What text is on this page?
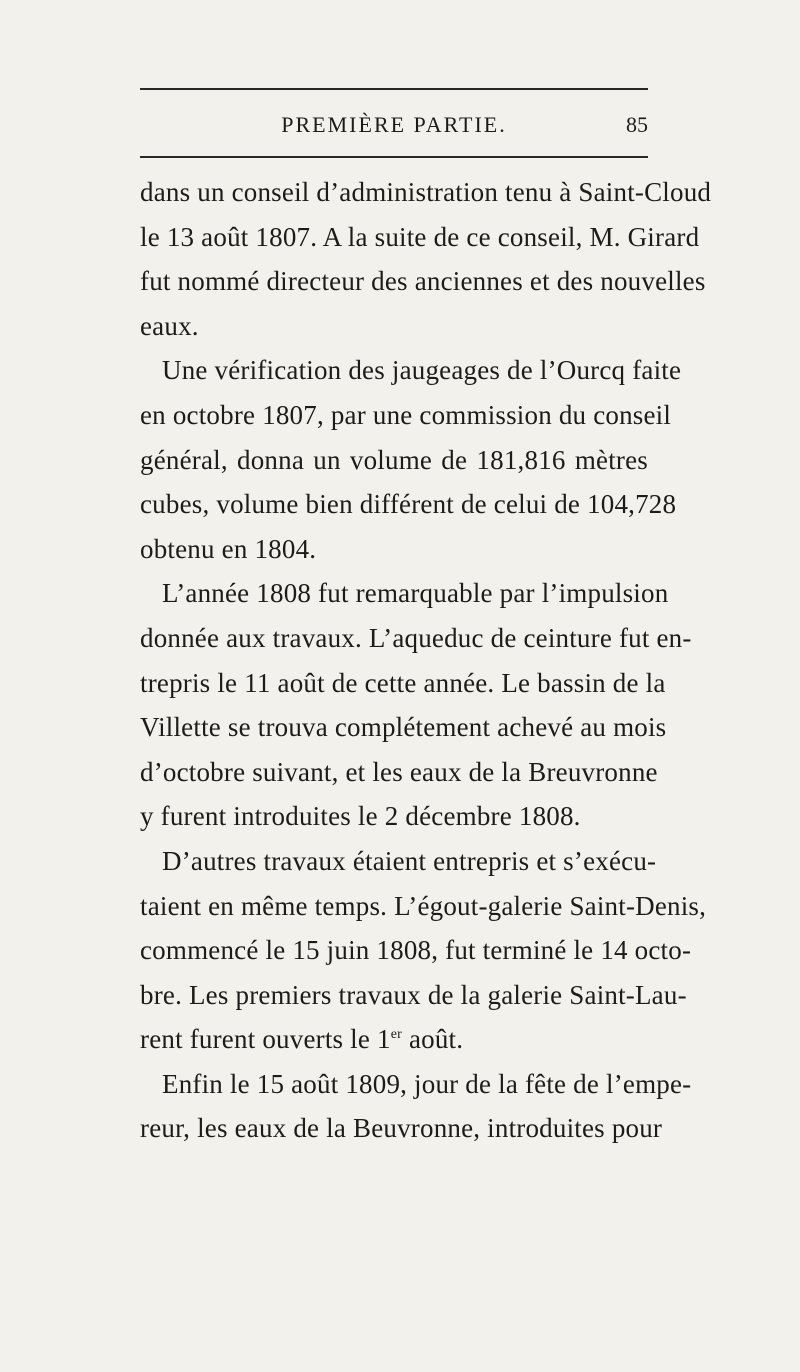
PREMIÈRE PARTIE.	85
dans un conseil d’administration tenu à Saint-Cloud
le 13 août 1807. A la suite de ce conseil, M. Girard
fut nommé directeur des anciennes et des nouvelles
eaux.
Une vérification des jaugeages de l’Ourcq faite
en octobre 1807, par une commission du conseil
général, donna un volume de 181,816 mètres
cubes, volume bien différent de celui de 104,728
obtenu en 1804.
L’année 1808 fut remarquable par l’impulsion
donnée aux travaux. L’aqueduc de ceinture fut en-
trepris le 11 août de cette année. Le bassin de la
Villette se trouva complétement achevé au mois
d’octobre suivant, et les eaux de la Breuvronne
y furent introduites le 2 décembre 1808.
D’autres travaux étaient entrepris et s’exécu-
taient en même temps. L’égout-galerie Saint-Denis,
commencé le 15 juin 1808, fut terminé le 14 octo-
bre. Les premiers travaux de la galerie Saint-Lau-
rent furent ouverts le 1er août.
Enfin le 15 août 1809, jour de la fête de l’empe-
reur, les eaux de la Beuvronne, introduites pour
